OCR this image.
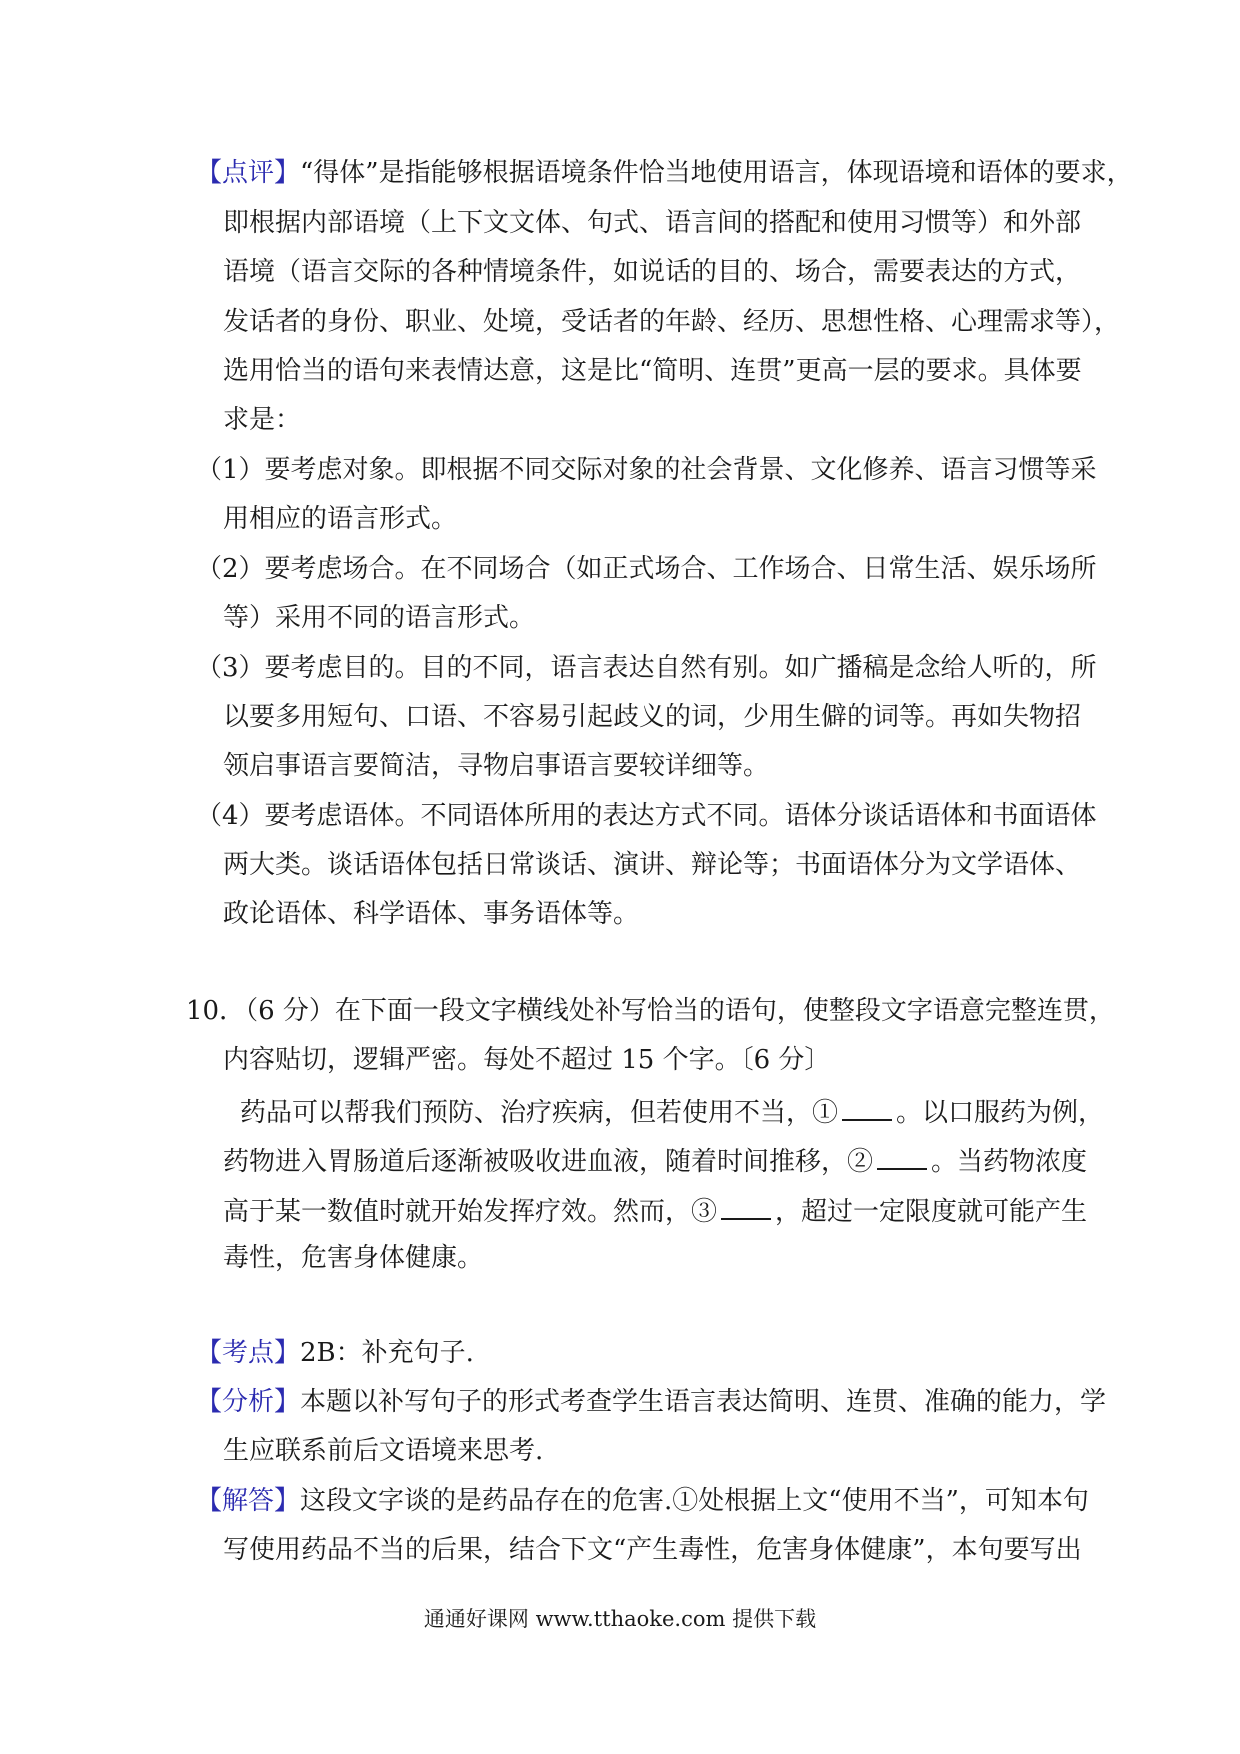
【点评】“得体”是指能够根据语境条件恰当地使用语言，体现语境和语体的要求，
即根据内部语境（上下文文体、句式、语言间的搭配和使用习惯等）和外部
语境（语言交际的各种情境条件，如说话的目的、场合，需要表达的方式，
发话者的身份、职业、处境，受话者的年龄、经历、思想性格、心理需求等），
选用恰当的语句来表情达意，这是比“简明、连贯”更高一层的要求。具体要
求是：
（1）要考虑对象。即根据不同交际对象的社会背景、文化修养、语言习惯等采
用相应的语言形式。
（2）要考虑场合。在不同场合（如正式场合、工作场合、日常生活、娱乐场所
等）采用不同的语言形式。
（3）要考虑目的。目的不同，语言表达自然有别。如广播稿是念给人听的，所
以要多用短句、口语、不容易引起歧义的词，少用生僻的词等。再如失物招
领启事语言要简洁，寻物启事语言要较详细等。
（4）要考虑语体。不同语体所用的表达方式不同。语体分谈话语体和书面语体
两大类。谈话语体包括日常谈话、演讲、辩论等；书面语体分为文学语体、
政论语体、科学语体、事务语体等。
10．（6 分）在下面一段文字横线处补写恰当的语句，使整段文字语意完整连贯，
内容贴切，逻辑严密。每处不超过 15 个字。〔6 分〕
药品可以帮我们预防、治疗疾病，但若使用不当，① 。以口服药为例，
药物进入胃肠道后逐渐被吸收进血液，随着时间推移，② 。当药物浓度
高于某一数值时就开始发挥疗效。然而，③ ，超过一定限度就可能产生
毒性，危害身体健康。
【考点】2B：补充句子.
【分析】本题以补写句子的形式考查学生语言表达简明、连贯、准确的能力，学
生应联系前后文语境来思考.
【解答】这段文字谈的是药品存在的危害.①处根据上文“使用不当”，可知本句
写使用药品不当的后果，结合下文“产生毒性，危害身体健康”，本句要写出
通通好课网 www.tthaoke.com 提供下载
